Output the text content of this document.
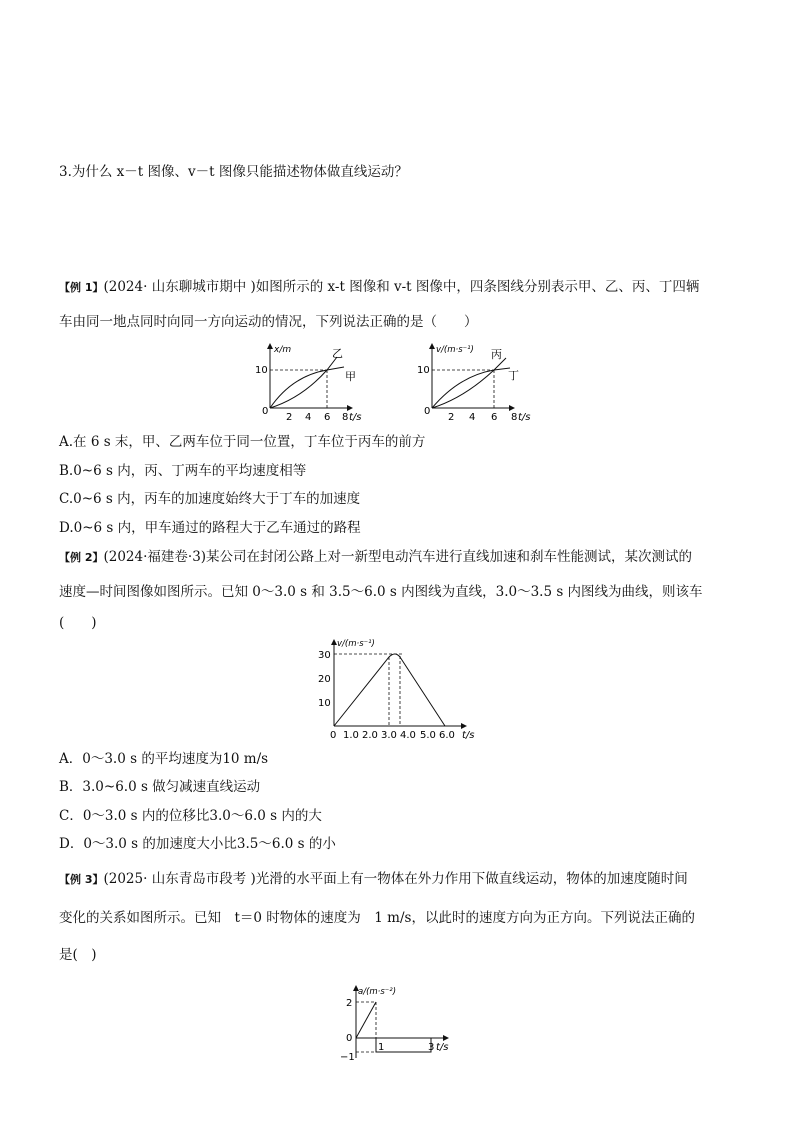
3.为什么 x－t 图像、v－t 图像只能描述物体做直线运动？
【例 1】(2024· 山东聊城市期中 )如图所示的 x-t 图像和 v-t 图像中，四条图线分别表示甲、乙、丙、丁四辆
车由同一地点同时向同一方向运动的情况，下列说法正确的是（　　）
x/m
10
0
2 4 6 8 t/s
乙
甲
v/(m·s⁻¹)
10
0
2 4 6 8 t/s
丙
丁
A.在 6 s 末，甲、乙两车位于同一位置，丁车位于丙车的前方
B.0~6 s 内，丙、丁两车的平均速度相等
C.0~6 s 内，丙车的加速度始终大于丁车的加速度
D.0~6 s 内，甲车通过的路程大于乙车通过的路程
【例 2】(2024·福建卷·3)某公司在封闭公路上对一新型电动汽车进行直线加速和刹车性能测试，某次测试的
速度—时间图像如图所示。已知 0～3.0 s 和 3.5～6.0 s 内图线为直线，3.0～3.5 s 内图线为曲线，则该车
(　　)
v/(m·s⁻¹)
30
20
10
0 1.0 2.0 3.0 4.0 5.0 6.0 t/s
A．0～3.0 s 的平均速度为10 m/s
B．3.0~6.0 s 做匀减速直线运动
C．0～3.0 s 内的位移比3.0～6.0 s 内的大
D．0～3.0 s 的加速度大小比3.5～6.0 s 的小
【例 3】(2025· 山东青岛市段考 )光滑的水平面上有一物体在外力作用下做直线运动，物体的加速度随时间
变化的关系如图所示。已知　t＝0 时物体的速度为　1 m/s，以此时的速度方向为正方向。下列说法正确的
是(　)
a/(m·s⁻²)
2
0
−1
1	3 t/s
